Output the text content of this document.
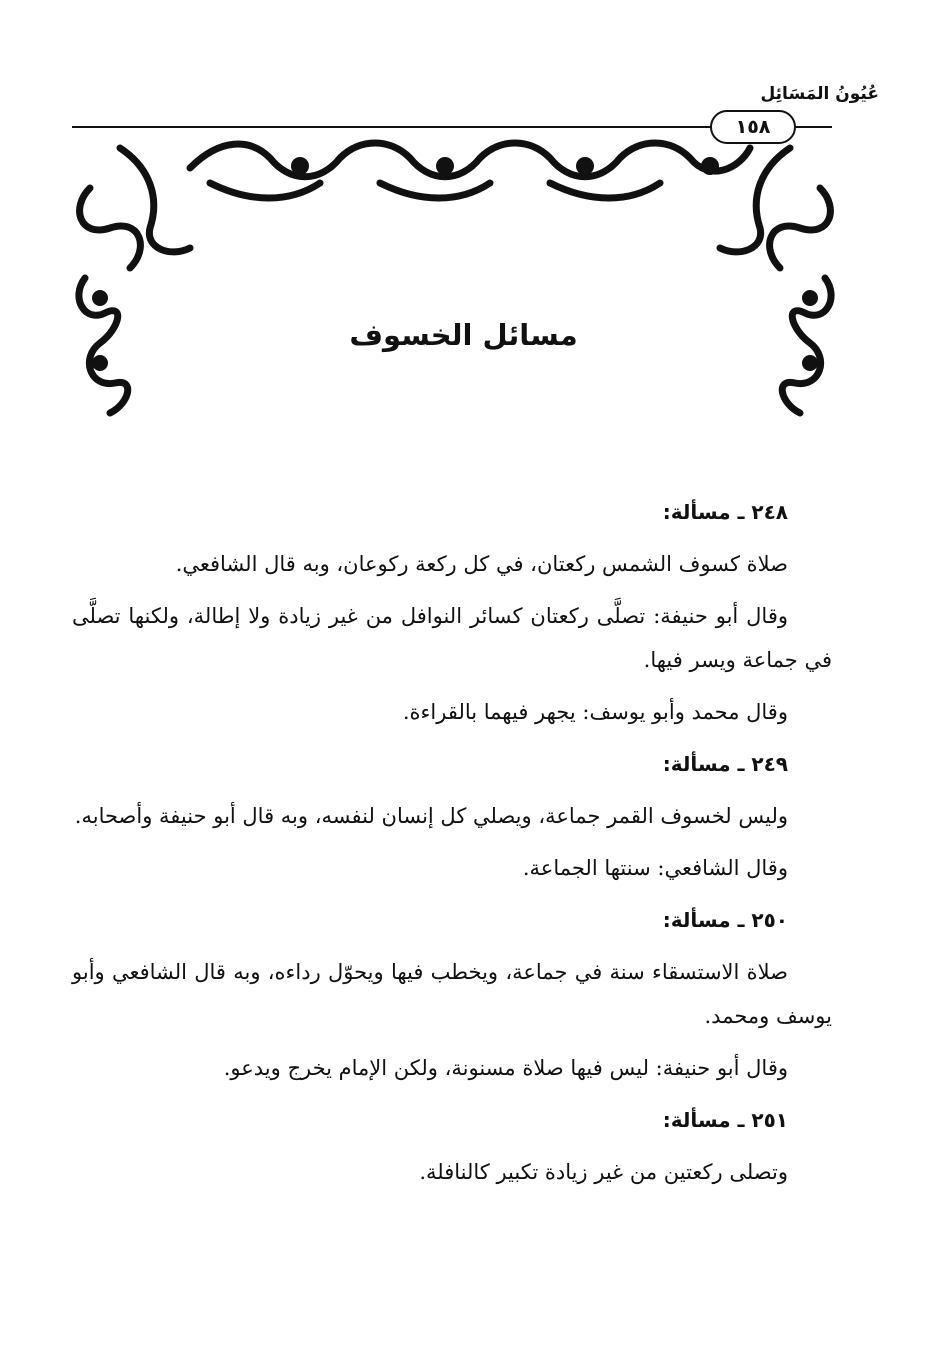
عُيُونُ المَسَائِل
١٥٨
مسائل الخسوف
٢٤٨ ـ مسألة:

صلاة كسوف الشمس ركعتان، في كل ركعة ركوعان، وبه قال الشافعي.

وقال أبو حنيفة: تصلَّى ركعتان كسائر النوافل من غير زيادة ولا إطالة، ولكنها تصلَّى في جماعة ويسر فيها.

وقال محمد وأبو يوسف: يجهر فيهما بالقراءة.

٢٤٩ ـ مسألة:

وليس لخسوف القمر جماعة، ويصلي كل إنسان لنفسه، وبه قال أبو حنيفة وأصحابه.

وقال الشافعي: سنتها الجماعة.

٢٥٠ ـ مسألة:

صلاة الاستسقاء سنة في جماعة، ويخطب فيها ويحوّل رداءه، وبه قال الشافعي وأبو يوسف ومحمد.

وقال أبو حنيفة: ليس فيها صلاة مسنونة، ولكن الإمام يخرج ويدعو.

٢٥١ ـ مسألة:

وتصلى ركعتين من غير زيادة تكبير كالنافلة.
